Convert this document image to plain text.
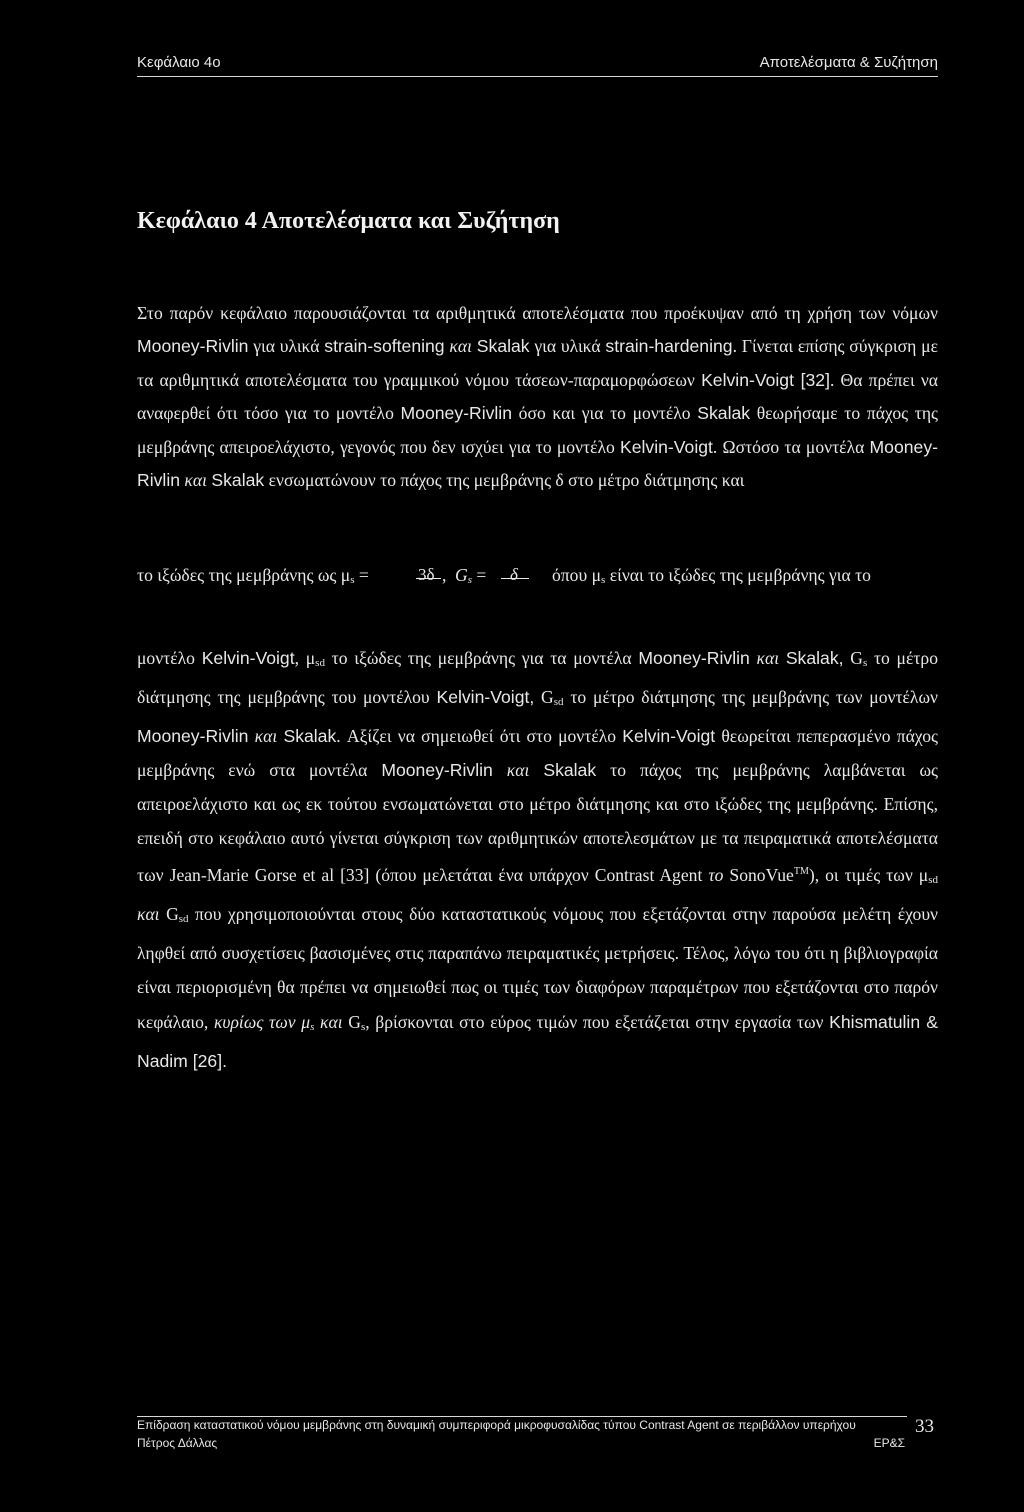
Κεφάλαιο 4ο	Αποτελέσματα & Συζήτηση
Κεφάλαιο 4 Αποτελέσματα και Συζήτηση

Στο παρόν κεφάλαιο παρουσιάζονται τα αριθμητικά αποτελέσματα που προέκυψαν από τη χρήση των νόμων Mooney-Rivlin για υλικά strain-softening και Skalak για υλικά strain-hardening. Γίνεται επίσης σύγκριση με τα αριθμητικά αποτελέσματα του γραμμικού νόμου τάσεων-παραμορφώσεων Kelvin-Voigt [32]. Θα πρέπει να αναφερθεί ότι τόσο για το μοντέλο Mooney-Rivlin όσο και για το μοντέλο Skalak θεωρήσαμε το πάχος της μεμβράνης απειροελάχιστο, γεγονός που δεν ισχύει για το μοντέλο Kelvin-Voigt. Ωστόσο τα μοντέλα Mooney-Rivlin και Skalak ενσωματώνουν το πάχος της μεμβράνης δ στο μέτρο διάτμησης και

το ιξώδες της μεμβράνης ως $\mu_s$ =	3δ , $G_s = \delta$ όπου $\mu_s$ είναι το ιξώδες της μεμβράνης για το

μοντέλο Kelvin-Voigt, $\mu_{sd}$ το ιξώδες της μεμβράνης για τα μοντέλα Mooney-Rivlin και Skalak, $G_s$ το μέτρο διάτμησης της μεμβράνης του μοντέλου Kelvin-Voigt, $G_{sd}$ το μέτρο διάτμησης της μεμβράνης των μοντέλων Mooney-Rivlin και Skalak. Αξίζει να σημειωθεί ότι στο μοντέλο Kelvin-Voigt θεωρείται πεπερασμένο πάχος μεμβράνης ενώ στα μοντέλα Mooney-Rivlin και Skalak το πάχος της μεμβράνης λαμβάνεται ως απειροελάχιστο και ως εκ τούτου ενσωματώνεται στο μέτρο διάτμησης και στο ιξώδες της μεμβράνης. Επίσης, επειδή στο κεφάλαιο αυτό γίνεται σύγκριση των αριθμητικών αποτελεσμάτων με τα πειραματικά αποτελέσματα των Jean-Marie Gorse et al [33] (όπου μελετάται ένα υπάρχον Contrast Agent το SonoVue™), οι τιμές των $\mu_{sd}$ και $G_{sd}$ που χρησιμοποιούνται στους δύο καταστατικούς νόμους που εξετάζονται στην παρούσα μελέτη έχουν ληφθεί από συσχετίσεις βασισμένες στις παραπάνω πειραματικές μετρήσεις. Τέλος, λόγω του ότι η βιβλιογραφία είναι περιορισμένη θα πρέπει να σημειωθεί πως οι τιμές των διαφόρων παραμέτρων που εξετάζονται στο παρόν κεφάλαιο, κυρίως των $\mu_s$ και $G_s$, βρίσκονται στο εύρος τιμών που εξετάζεται στην εργασία των Khismatulin & Nadim [26].

Επίδραση καταστατικού νόμου μεμβράνης στη δυναμική συμπεριφορά μικροφυσαλίδας τύπου Contrast Agent σε περιβάλλον υπερήχου
Πέτρος Δάλλας	ΕΡ&Σ
33
